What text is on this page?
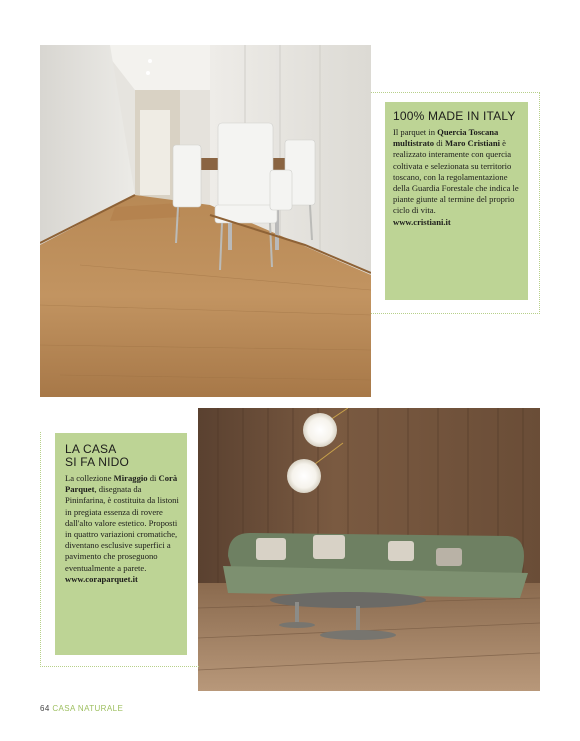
100% MADE IN ITALY

Il parquet in Quercia Toscana multistrato di Maro Cristiani è realizzato interamente con quercia coltivata e selezionata su territorio toscano, con la regolamentazione della Guardia Forestale che indica le piante giunte al termine del proprio ciclo di vita.
www.cristiani.it

LA CASA
SI FA NIDO

La collezione Miraggio di Corà Parquet, disegnata da Pininfarina, è costituita da listoni in pregiata essenza di rovere dall'alto valore estetico. Proposti in quattro variazioni cromatiche, diventano esclusive superfici a pavimento che proseguono eventualmente a parete.
www.coraparquet.it

64 CASA NATURALE
